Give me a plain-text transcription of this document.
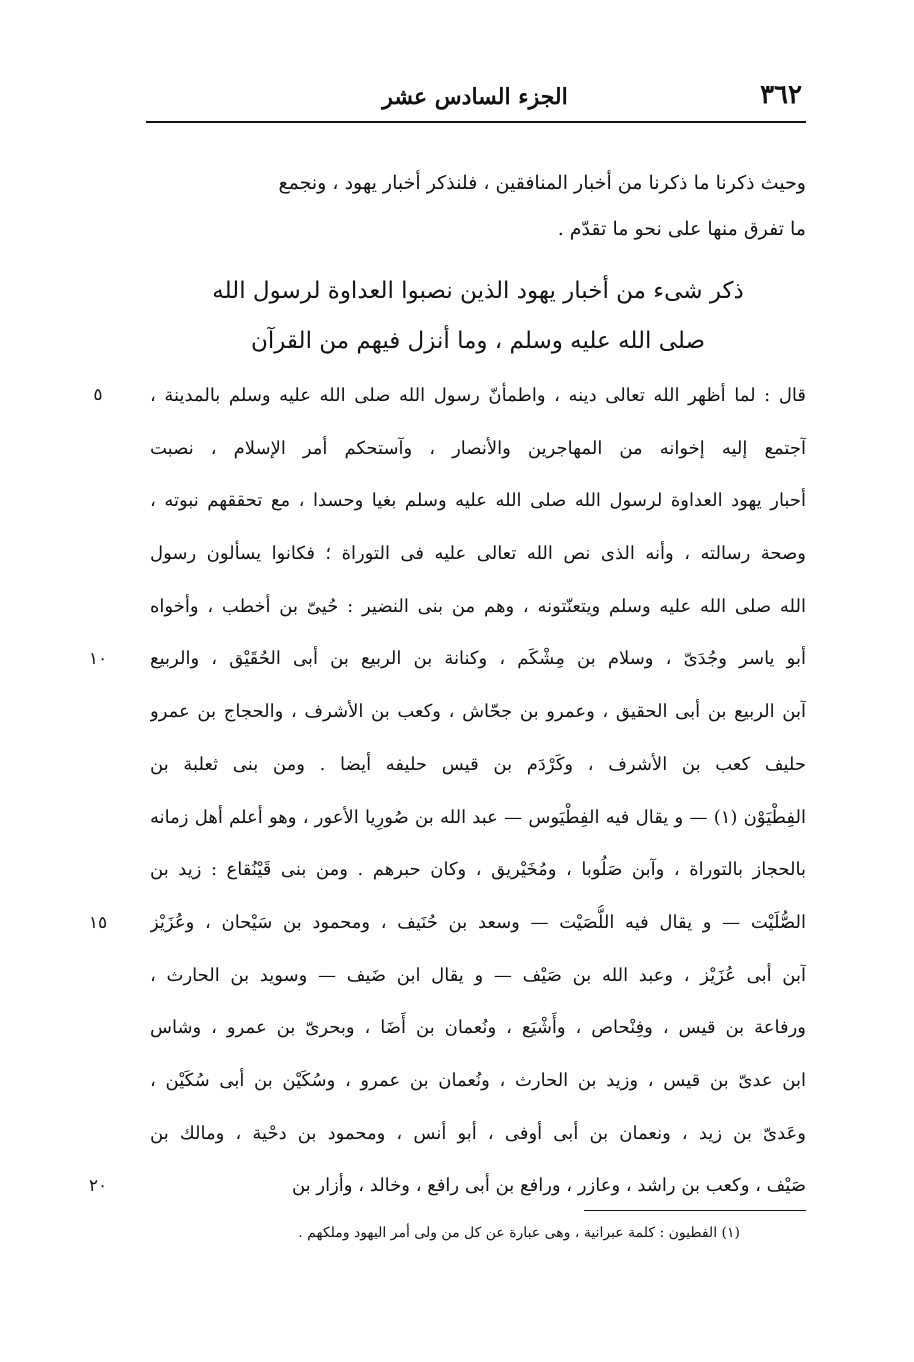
٣٦٢
الجزء السادس عشر
وحيث ذكرنا ما ذكرنا من أخبار المنافقين ، فلنذكر أخبار يهود ، ونجمع
ما تفرق منها على نحو ما تقدّم .
ذكر شىء من أخبار يهود الذين نصبوا العداوة لرسول الله
صلى الله عليه وسلم ، وما أنزل فيهم من القرآن
قال : لما أظهر الله تعالى دينه ، واطمأنّ رسول الله صلى الله عليه وسلم بالمدينة ،
آجتمع إليه إخوانه من المهاجرين والأنصار ، وآستحكم أمر الإسلام ، نصبت
أحبار يهود العداوة لرسول الله صلى الله عليه وسلم بغيا وحسدا ، مع تحققهم نبوته ،
وصحة رسالته ، وأنه الذى نص الله تعالى عليه فى التوراة ؛ فكانوا يسألون رسول
الله صلى الله عليه وسلم ويتعنّتونه ، وهم من بنى النضير : حُيىّ بن أخطب ، وأخواه
أبو ياسر وجُدَىّ ، وسلام بن مِشْكَم ، وكنانة بن الربيع بن أبى الحُقَيْق ، والربيع
آبن الربيع بن أبى الحقيق ، وعمرو بن جحّاش ، وكعب بن الأشرف ، والحجاج بن عمرو
حليف كعب بن الأشرف ، وكَرْدَم بن قيس حليفه أيضا . ومن بنى ثعلبة بن
الفِطْيَوْن (١) — و يقال فيه الفِطْيَوس — عبد الله بن صُورِيا الأعور ، وهو أعلم أهل زمانه
بالحجاز بالتوراة ، وآبن صَلُوبا ، ومُخَيْريق ، وكان حبرهم . ومن بنى قَيْنُقاع : زيد بن
الصُّلَيْت — و يقال فيه اللُّصَيْت — وسعد بن حُنَيف ، ومحمود بن سَيْحان ، وعُزَيْز
آبن أبى عُزَيْز ، وعبد الله بن صَيْف — و يقال ابن ضَيف — وسويد بن الحارث ،
ورفاعة بن قيس ، وفِنْحاص ، وأَشْيَع ، ونُعمان بن أَضَا ، وبحرىّ بن عمرو ، وشاس
ابن عدىّ بن قيس ، وزيد بن الحارث ، ونُعمان بن عمرو ، وسُكَيْن بن أبى سُكَيْن ،
وعَدىّ بن زيد ، ونعمان بن أبى أوفى ، أبو أنس ، ومحمود بن دحْية ، ومالك بن
صَيْف ، وكعب بن راشد ، وعازر ، ورافع بن أبى رافع ، وخالد ، وأزار بن
٥
١٠
١٥
٢٠
(١) الفطيون : كلمة عبرانية ، وهى عبارة عن كل من ولى أمر اليهود وملكهم .
